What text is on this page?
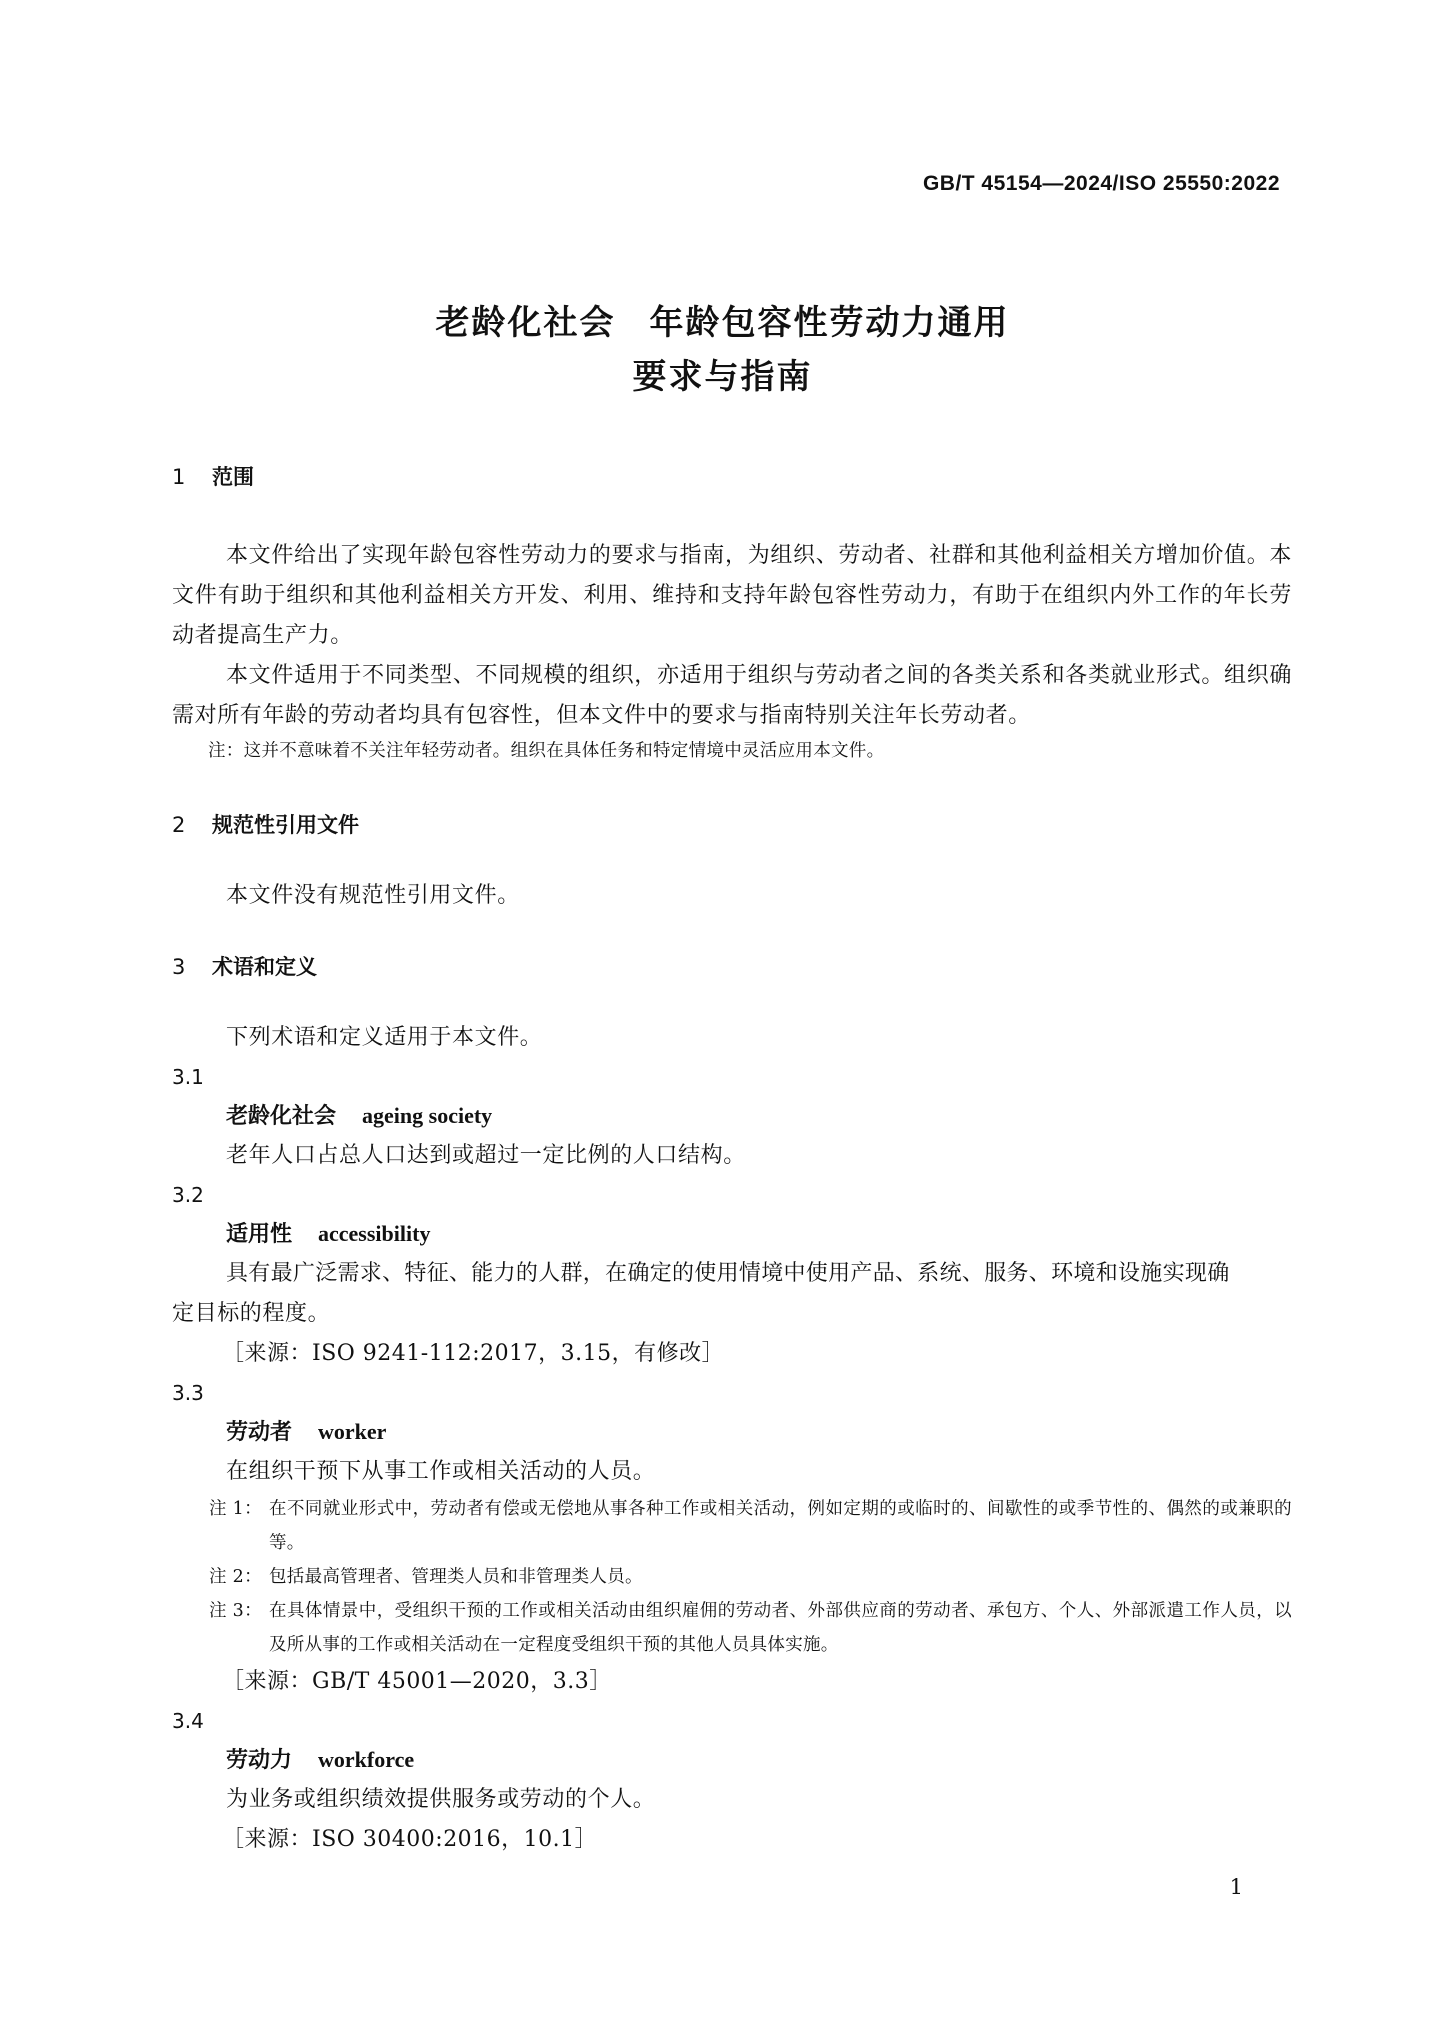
GB/T 45154—2024/ISO 25550:2022
老龄化社会 年龄包容性劳动力通用
要求与指南
1 范围
本文件给出了实现年龄包容性劳动力的要求与指南，为组织、劳动者、社群和其他利益相关方增加价值。本文件有助于组织和其他利益相关方开发、利用、维持和支持年龄包容性劳动力，有助于在组织内外工作的年长劳动者提高生产力。
本文件适用于不同类型、不同规模的组织，亦适用于组织与劳动者之间的各类关系和各类就业形式。组织确需对所有年龄的劳动者均具有包容性，但本文件中的要求与指南特别关注年长劳动者。
注：这并不意味着不关注年轻劳动者。组织在具体任务和特定情境中灵活应用本文件。
2 规范性引用文件
本文件没有规范性引用文件。
3 术语和定义
下列术语和定义适用于本文件。
3.1
老龄化社会 ageing society
老年人口占总人口达到或超过一定比例的人口结构。
3.2
适用性 accessibility
具有最广泛需求、特征、能力的人群，在确定的使用情境中使用产品、系统、服务、环境和设施实现确
定目标的程度。
［来源：ISO 9241-112:2017，3.15，有修改］
3.3
劳动者 worker
在组织干预下从事工作或相关活动的人员。
注 1： 在不同就业形式中，劳动者有偿或无偿地从事各种工作或相关活动，例如定期的或临时的、间歇性的或季节性的、偶然的或兼职的等。
注 2： 包括最高管理者、管理类人员和非管理类人员。
注 3： 在具体情景中，受组织干预的工作或相关活动由组织雇佣的劳动者、外部供应商的劳动者、承包方、个人、外部派遣工作人员，以及所从事的工作或相关活动在一定程度受组织干预的其他人员具体实施。
［来源：GB/T 45001—2020，3.3］
3.4
劳动力 workforce
为业务或组织绩效提供服务或劳动的个人。
［来源：ISO 30400:2016，10.1］
1
